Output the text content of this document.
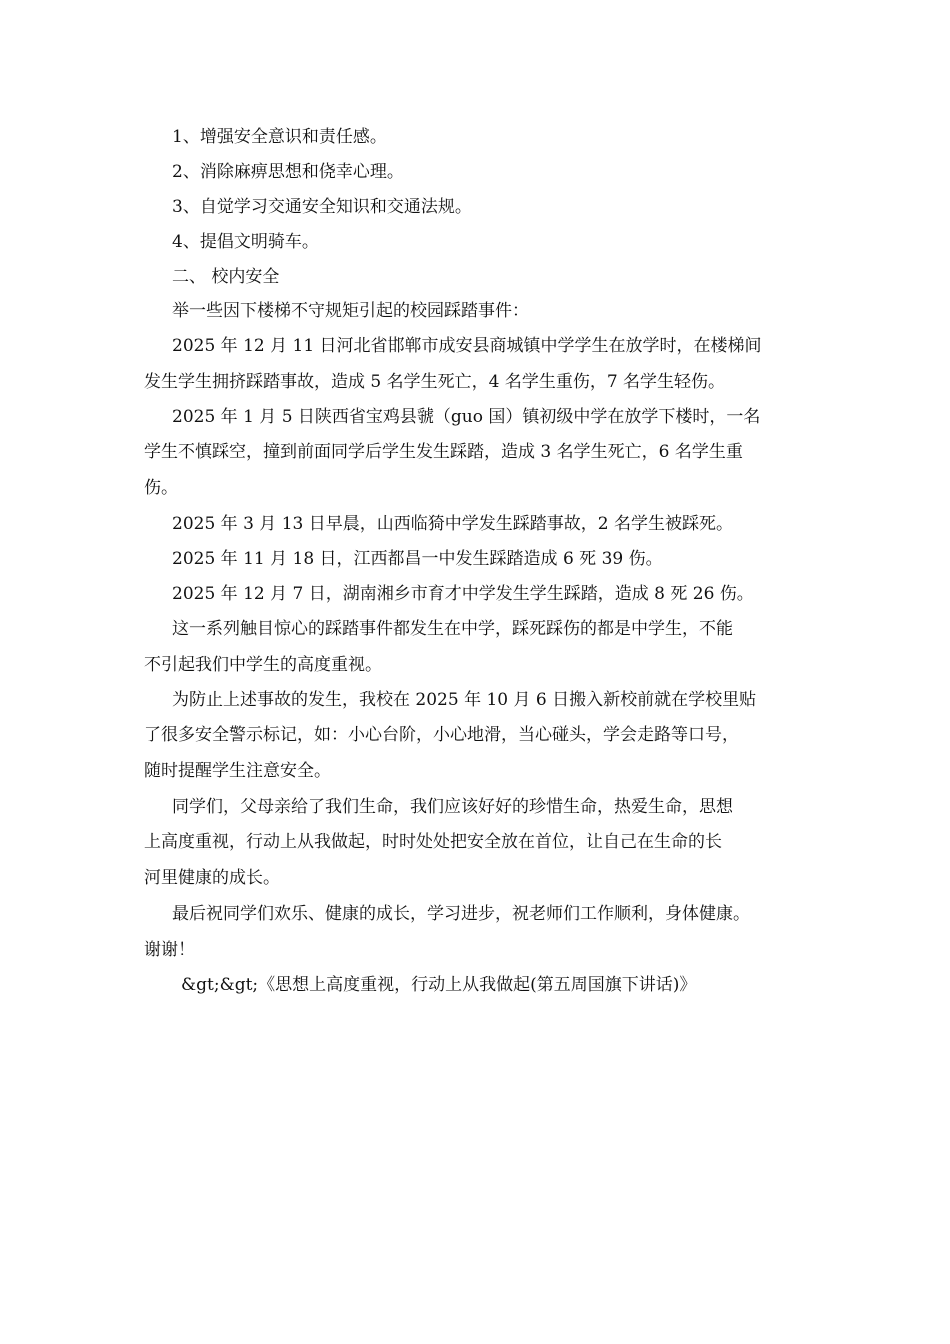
1、增强安全意识和责任感。

2、消除麻痹思想和侥幸心理。

3、自觉学习交通安全知识和交通法规。

4、提倡文明骑车。

二、 校内安全

举一些因下楼梯不守规矩引起的校园踩踏事件：

2025 年 12 月 11 日河北省邯郸市成安县商城镇中学学生在放学时，在楼梯间

发生学生拥挤踩踏事故，造成 5 名学生死亡，4 名学生重伤，7 名学生轻伤。

2025 年 1 月 5 日陕西省宝鸡县虢（guo 国）镇初级中学在放学下楼时，一名

学生不慎踩空，撞到前面同学后学生发生踩踏，造成 3 名学生死亡，6 名学生重

伤。

2025 年 3 月 13 日早晨，山西临猗中学发生踩踏事故，2 名学生被踩死。

2025 年 11 月 18 日，江西都昌一中发生踩踏造成 6 死 39 伤。

2025 年 12 月 7 日，湖南湘乡市育才中学发生学生踩踏，造成 8 死 26 伤。

这一系列触目惊心的踩踏事件都发生在中学，踩死踩伤的都是中学生，不能

不引起我们中学生的高度重视。

为防止上述事故的发生，我校在 2025 年 10 月 6 日搬入新校前就在学校里贴

了很多安全警示标记，如：小心台阶，小心地滑，当心碰头，学会走路等口号，

随时提醒学生注意安全。

同学们，父母亲给了我们生命，我们应该好好的珍惜生命，热爱生命，思想

上高度重视，行动上从我做起，时时处处把安全放在首位，让自己在生命的长

河里健康的成长。

最后祝同学们欢乐、健康的成长，学习进步，祝老师们工作顺利，身体健康。

谢谢！

&gt;&gt;《思想上高度重视，行动上从我做起(第五周国旗下讲话)》
